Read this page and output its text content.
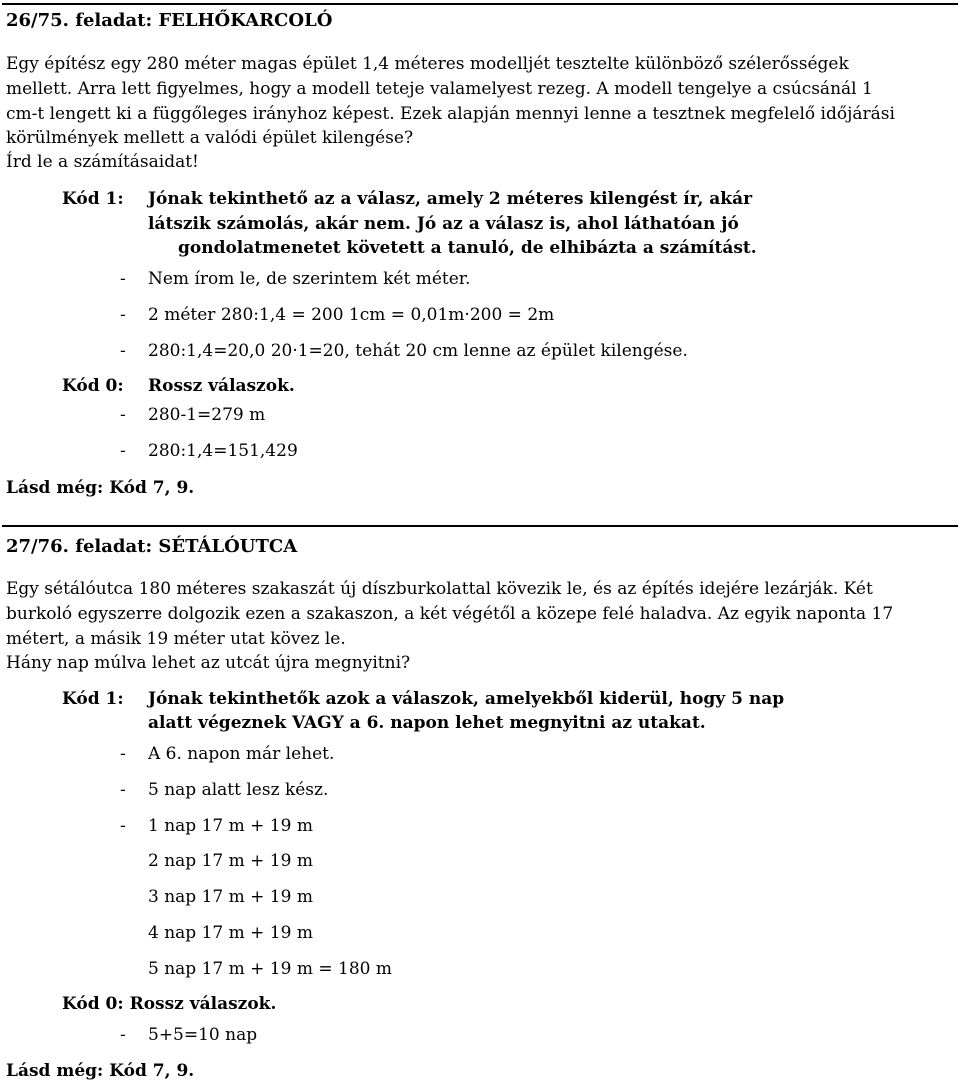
26/75. feladat: FELHŐKARCOLÓ
Egy építész egy 280 méter magas épület 1,4 méteres modelljét tesztelte különböző szélerősségek
mellett. Arra lett figyelmes, hogy a modell teteje valamelyest rezeg. A modell tengelye a csúcsánál 1
cm-t lengett ki a függőleges irányhoz képest. Ezek alapján mennyi lenne a tesztnek megfelelő időjárási
körülmények mellett a valódi épület kilengése?
Írd le a számításaidat!
Kód 1: Jónak tekinthető az a válasz, amely 2 méteres kilengést ír, akár
látszik számolás, akár nem. Jó az a válasz is, ahol láthatóan jó
gondolatmenetet követett a tanuló, de elhibázta a számítást.
- Nem írom le, de szerintem két méter.
- 2 méter 280:1,4 = 200 1cm = 0,01m·200 = 2m
- 280:1,4=20,0 20·1=20, tehát 20 cm lenne az épület kilengése.
Kód 0: Rossz válaszok.
- 280-1=279 m
- 280:1,4=151,429
Lásd még: Kód 7, 9.
27/76. feladat: SÉTÁLÓUTCA
Egy sétálóutca 180 méteres szakaszát új díszburkolattal kövezik le, és az építés idejére lezárják. Két
burkoló egyszerre dolgozik ezen a szakaszon, a két végétől a közepe felé haladva. Az egyik naponta 17
métert, a másik 19 méter utat kövez le.
Hány nap múlva lehet az utcát újra megnyitni?
Kód 1: Jónak tekinthetők azok a válaszok, amelyekből kiderül, hogy 5 nap
alatt végeznek VAGY a 6. napon lehet megnyitni az utakat.
- A 6. napon már lehet.
- 5 nap alatt lesz kész.
- 1 nap 17 m + 19 m
2 nap 17 m + 19 m
3 nap 17 m + 19 m
4 nap 17 m + 19 m
5 nap 17 m + 19 m = 180 m
Kód 0: Rossz válaszok.
- 5+5=10 nap
Lásd még: Kód 7, 9.
